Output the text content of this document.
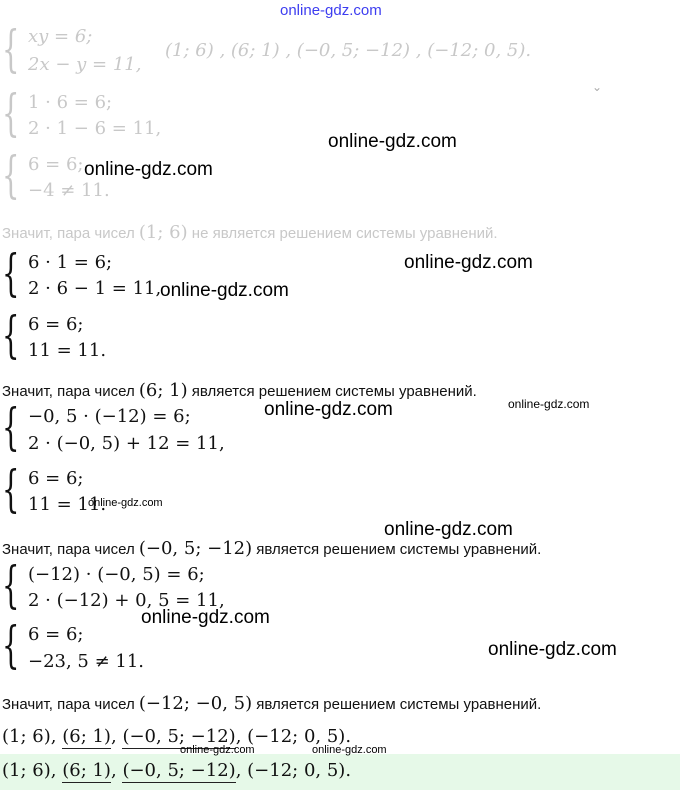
online-gdz.com
{ xy = 6;
2x − y = 11,
(1; 6) , (6; 1) , (−0, 5; −12) , (−12; 0, 5).
⌄
{ 1 · 6 = 6;
2 · 1 − 6 = 11,
{ 6 = 6;
−4 ≠ 11.
Значит, пара чисел (1; 6) не является решением системы уравнений.
{ 6 · 1 = 6;
2 · 6 − 1 = 11,
{ 6 = 6;
11 = 11.
Значит, пара чисел (6; 1) является решением системы уравнений.
{ −0, 5 · (−12) = 6;
2 · (−0, 5) + 12 = 11,
{ 6 = 6;
11 = 11.
Значит, пара чисел (−0, 5; −12) является решением системы уравнений.
{ (−12) · (−0, 5) = 6;
2 · (−12) + 0, 5 = 11,
{ 6 = 6;
−23, 5 ≠ 11.
Значит, пара чисел (−12; −0, 5) является решением системы уравнений.
(1; 6), (6; 1), (−0, 5; −12), (−12; 0, 5).
(1; 6), (6; 1), (−0, 5; −12), (−12; 0, 5).
online-gdz.com
online-gdz.com
online-gdz.com
online-gdz.com
online-gdz.com	online-gdz.com
online-gdz.com
online-gdz.com
online-gdz.com
online-gdz.com
online-gdz.com	online-gdz.com
